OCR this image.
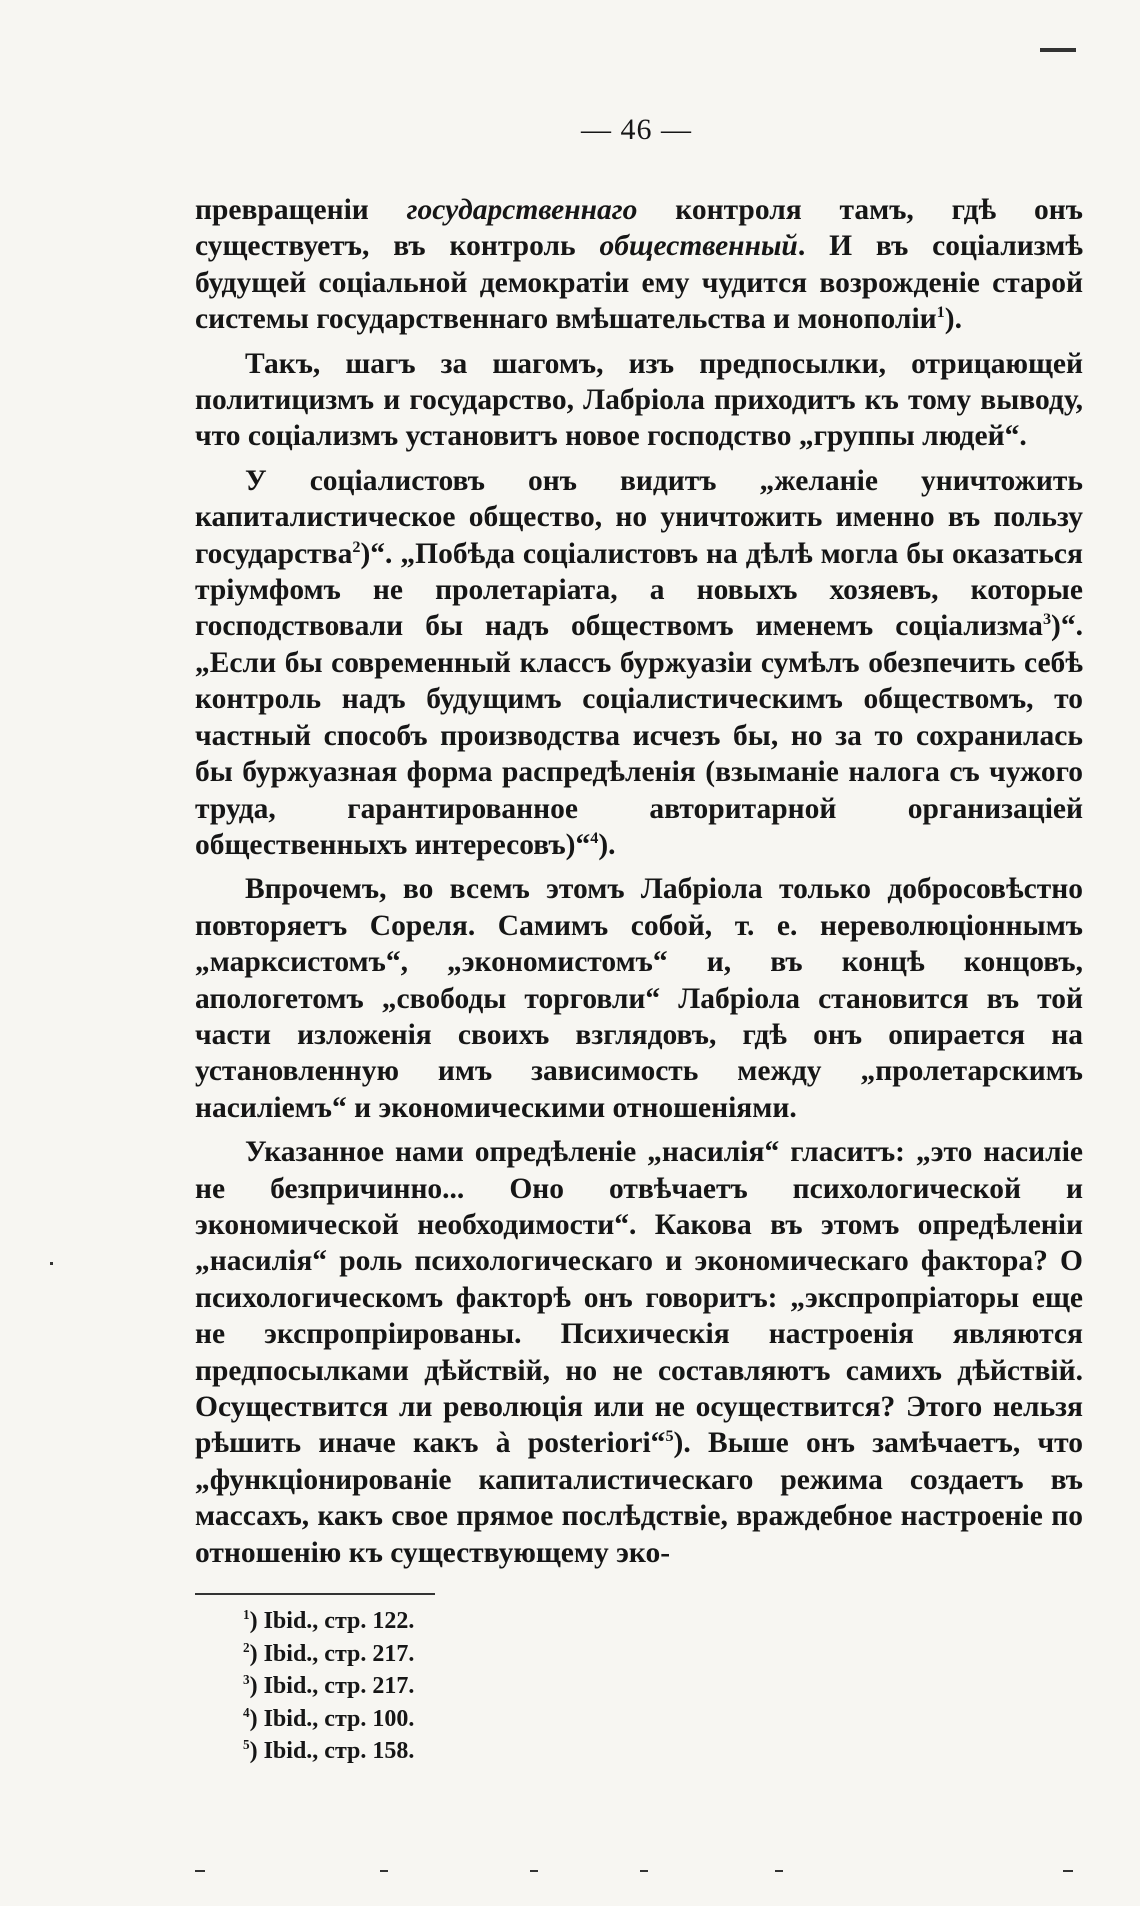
— 46 —

превращенiи государственнаго контроля тамъ, гдѣ онъ существуетъ, въ контроль общественный. И въ соцiализмѣ будущей соцiальной демократiи ему чудится возрожденiе старой системы государственнаго вмѣшательства и монополiи$^1$).

Такъ, шагъ за шагомъ, изъ предпосылки, отрицающей политицизмъ и государство, Лабрiола приходитъ къ тому выводу, что соцiализмъ установитъ новое господство „группы людей“.

У соцiалистовъ онъ видитъ „желанiе уничтожить капиталистическое общество, но уничтожить именно въ пользу государства$^2$)“. „Побѣда соцiалистовъ на дѣлѣ могла бы оказаться трiумфомъ не пролетарiата, а новыхъ хозяевъ, которые господствовали бы надъ обществомъ именемъ соцiализма$^3$)“. „Если бы современный классъ буржуазiи сумѣлъ обезпечить себѣ контроль надъ будущимъ соцiалистическимъ обществомъ, то частный способъ производства исчезъ бы, но за то сохранилась бы буржуазная форма распредѣленiя (взыманiе налога съ чужого труда, гарантированное авторитарной организацiей общественныхъ интересовъ)“$^4$).

Впрочемъ, во всемъ этомъ Лабрiола только добросовѣстно повторяетъ Сореля. Самимъ собой, т. е. нереволюцiоннымъ „марксистомъ“, „экономистомъ“ и, въ концѣ концовъ, апологетомъ „свободы торговли“ Лабрiола становится въ той части изложенiя своихъ взглядовъ, гдѣ онъ опирается на установленную имъ зависимость между „пролетарскимъ насилiемъ“ и экономическими отношенiями.

Указанное нами опредѣленiе „насилiя“ гласитъ: „это насилiе не безпричинно... Оно отвѣчаетъ психологической и экономической необходимости“. Какова въ этомъ опредѣленiи „насилiя“ роль психологическаго и экономическаго фактора? О психологическомъ факторѣ онъ говоритъ: „экспропрiаторы еще не экспропрiированы. Психическiя настроенiя являются предпосылками дѣйствiй, но не составляютъ самихъ дѣйствiй. Осуществится ли революцiя или не осуществится? Этого нельзя рѣшить иначе какъ à posteriori“$^5$). Выше онъ замѣчаетъ, что „функцiонированiе капиталистическаго режима создаетъ въ массахъ, какъ свое прямое послѣдствiе, враждебное настроенiе по отношенiю къ существующему эко-

$^1$) Ibid., стр. 122.
$^2$) Ibid., стр. 217.
$^3$) Ibid., стр. 217.
$^4$) Ibid., стр. 100.
$^5$) Ibid., стр. 158.
